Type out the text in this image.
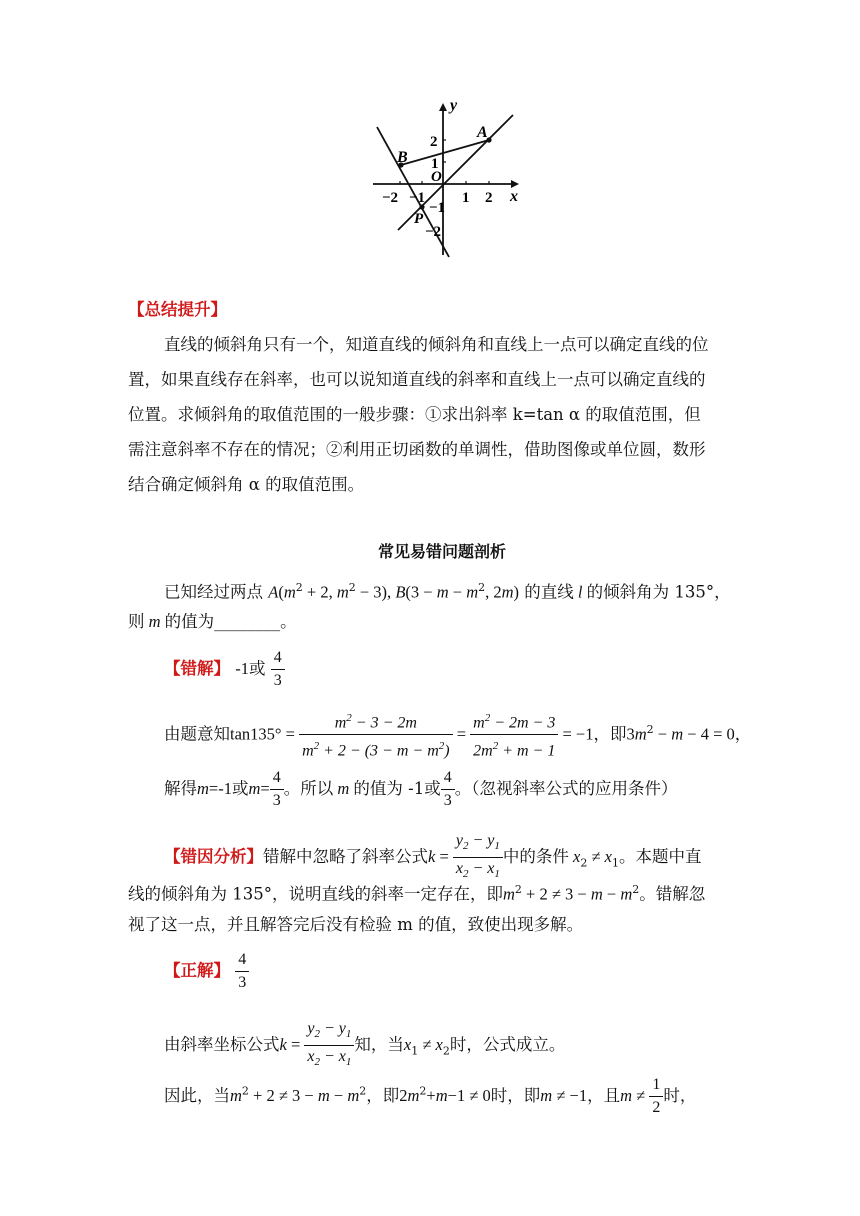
y
x
O
A
B
P
−2 −1 1 2
2
1
−1
−2
【总结提升】
直线的倾斜角只有一个，知道直线的倾斜角和直线上一点可以确定直线的位
置，如果直线存在斜率，也可以说知道直线的斜率和直线上一点可以确定直线的
位置。求倾斜角的取值范围的一般步骤：①求出斜率 k=tan α 的取值范围，但
需注意斜率不存在的情况；②利用正切函数的单调性，借助图像或单位圆，数形
结合确定倾斜角 α 的取值范围。
常见易错问题剖析
已知经过两点 $A(m^2 + 2$, $m^2 - 3$), $B(3 - m - m^2$, 2m) 的直线 l 的倾斜角为 135°，
则 m 的值为________。
【错解】 -1或 $\frac{4}{3}$
由题意知$\tan 135^\circ = \frac{m^2 - 3 - 2m}{m^2 + 2 - (3 - m - m^2)} = \frac{m^2 - 2m - 3}{2m^2 + m - 1} = -1$，即$3m^2 - m - 4 = 0$，
解得m=-1或$m= \frac{4}{3}$ 。所以 m 的值为 -1或 $\frac{4}{3}$ 。（忽视斜率公式的应用条件）
【错因分析】错解中忽略了斜率公式$k = \frac{y_2 - y_1}{x_2 - x_1}$ 中的条件 $x_2 \ne x_1$。本题中直
线的倾斜角为 135°，说明直线的斜率一定存在，即$m^2 + 2 \ne 3 - m - m^2$。错解忽
视了这一点，并且解答完后没有检验 m 的值，致使出现多解。
【正解】 $\frac{4}{3}$
由斜率坐标公式$k = \frac{y_2 - y_1}{x_2 - x_1}$ 知，当$x_1 \ne x_2$时，公式成立。
因此，当$m^2 + 2 \ne 3 - m - m^2$，即$2m^2+m-1 \ne 0$时，即m ≠ −1，且$m \ne \frac{1}{2}$ 时，
